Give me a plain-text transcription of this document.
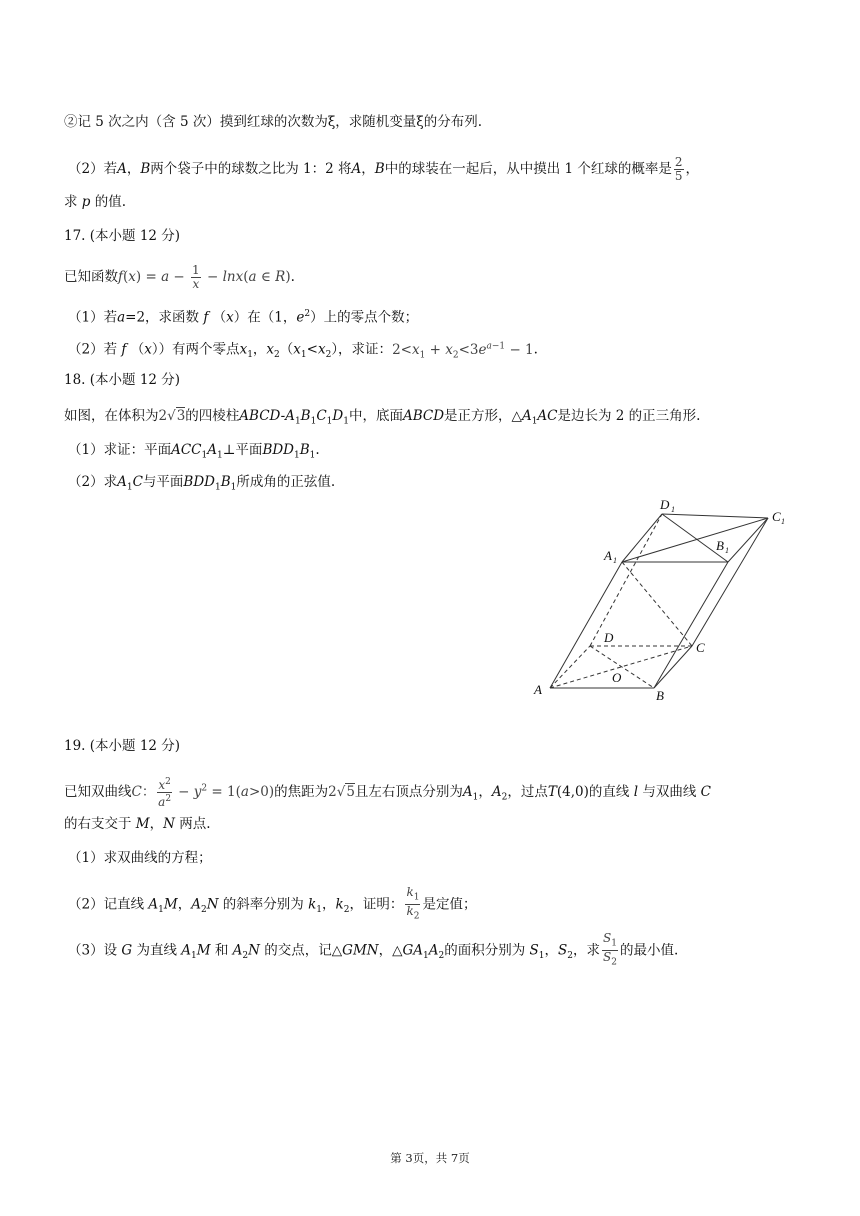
②记 5 次之内（含 5 次）摸到红球的次数为ξ，求随机变量ξ的分布列.
（2）若A，B两个袋子中的球数之比为 1：2 将A，B中的球装在一起后，从中摸出 1 个红球的概率是 $\frac{2}{5}$ ，
求 p 的值.
17. (本小题 12 分)
已知函数$f(x) = a - \frac{1}{x} - \ln x(a$ ∈ R).
（1）若a=2，求函数 f （x）在（1，$e^2$）上的零点个数；
（2）若 f （x））有两个零点$x_1$，$x_2(x_1<x_2)$，求证：$2<x_1 + x_2<3e^{a-1} - 1$.
18. (本小题 12 分)
如图，在体积为2√3的四棱柱ABCD-$A_1B_1C_1D_1$中，底面ABCD是正方形，$\triangle A_1AC$是边长为 2 的正三角形.
（1）求证：平面$ACC_1A_1\perp$平面$BDD_1B_1$.
（2）求$A_1C$与平面$BDD_1B_1$所成角的正弦值.
D 1	C 1
A 1
B 1
D
C
O
A	B
19. (本小题 12 分)
已知双曲线C： $\frac{x^2}{a^2} - y^2 = 1(a>0)$的焦距为2√5且左右顶点分别为$A_1$，$A_2$，过点T(4,0)的直线 l 与双曲线 C
的右支交于 M，N 两点.
（1）求双曲线的方程；
（2）记直线 $A_1M$，$A_2N$ 的斜率分别为 $k_1$，$k_2$，证明： $\frac{k_1}{k_2}$ 是定值；
（3）设 G 为直线 $A_1M$ 和 $A_2N$ 的交点，记△GMN，$\triangle GA_1A_2$的面积分别为 $S_1$，$S_2$，求 $\frac{S_1}{S_2}$ 的最小值.
第 3页，共 7页
